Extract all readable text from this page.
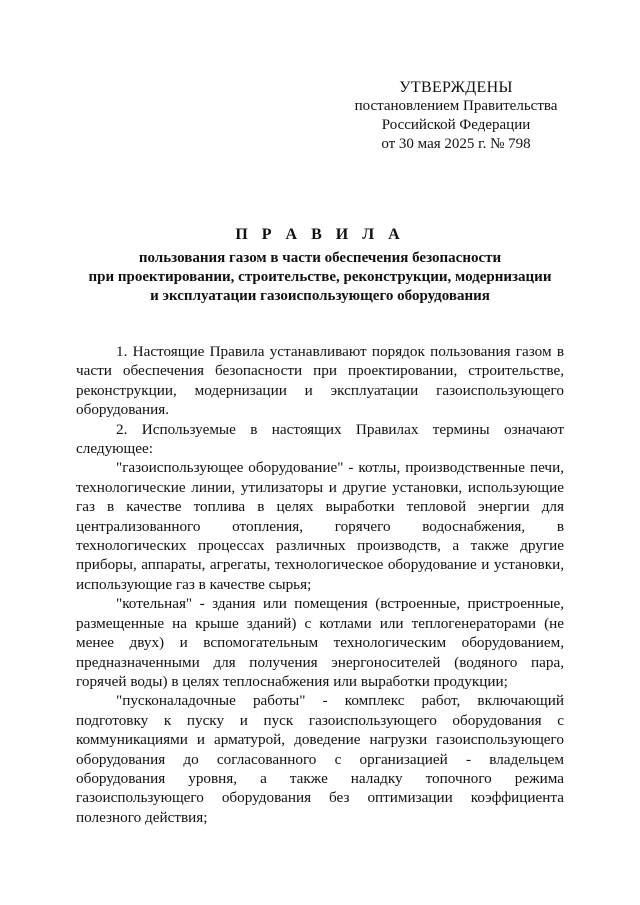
УТВЕРЖДЕНЫ
постановлением Правительства
Российской Федерации
от 30 мая 2025 г. № 798
П Р А В И Л А
пользования газом в части обеспечения безопасности
при проектировании, строительстве, реконструкции, модернизации
и эксплуатации газоиспользующего оборудования

1. Настоящие Правила устанавливают порядок пользования газом в части обеспечения безопасности при проектировании, строительстве, реконструкции, модернизации и эксплуатации газоиспользующего оборудования.

2. Используемые в настоящих Правилах термины означают следующее:

"газоиспользующее оборудование" - котлы, производственные печи, технологические линии, утилизаторы и другие установки, использующие газ в качестве топлива в целях выработки тепловой энергии для централизованного отопления, горячего водоснабжения, в технологических процессах различных производств, а также другие приборы, аппараты, агрегаты, технологическое оборудование и установки, использующие газ в качестве сырья;

"котельная" - здания или помещения (встроенные, пристроенные, размещенные на крыше зданий) с котлами или теплогенераторами (не менее двух) и вспомогательным технологическим оборудованием, предназначенными для получения энергоносителей (водяного пара, горячей воды) в целях теплоснабжения или выработки продукции;

"пусконаладочные работы" - комплекс работ, включающий подготовку к пуску и пуск газоиспользующего оборудования с коммуникациями и арматурой, доведение нагрузки газоиспользующего оборудования до согласованного с организацией - владельцем оборудования уровня, а также наладку топочного режима газоиспользующего оборудования без оптимизации коэффициента полезного действия;
